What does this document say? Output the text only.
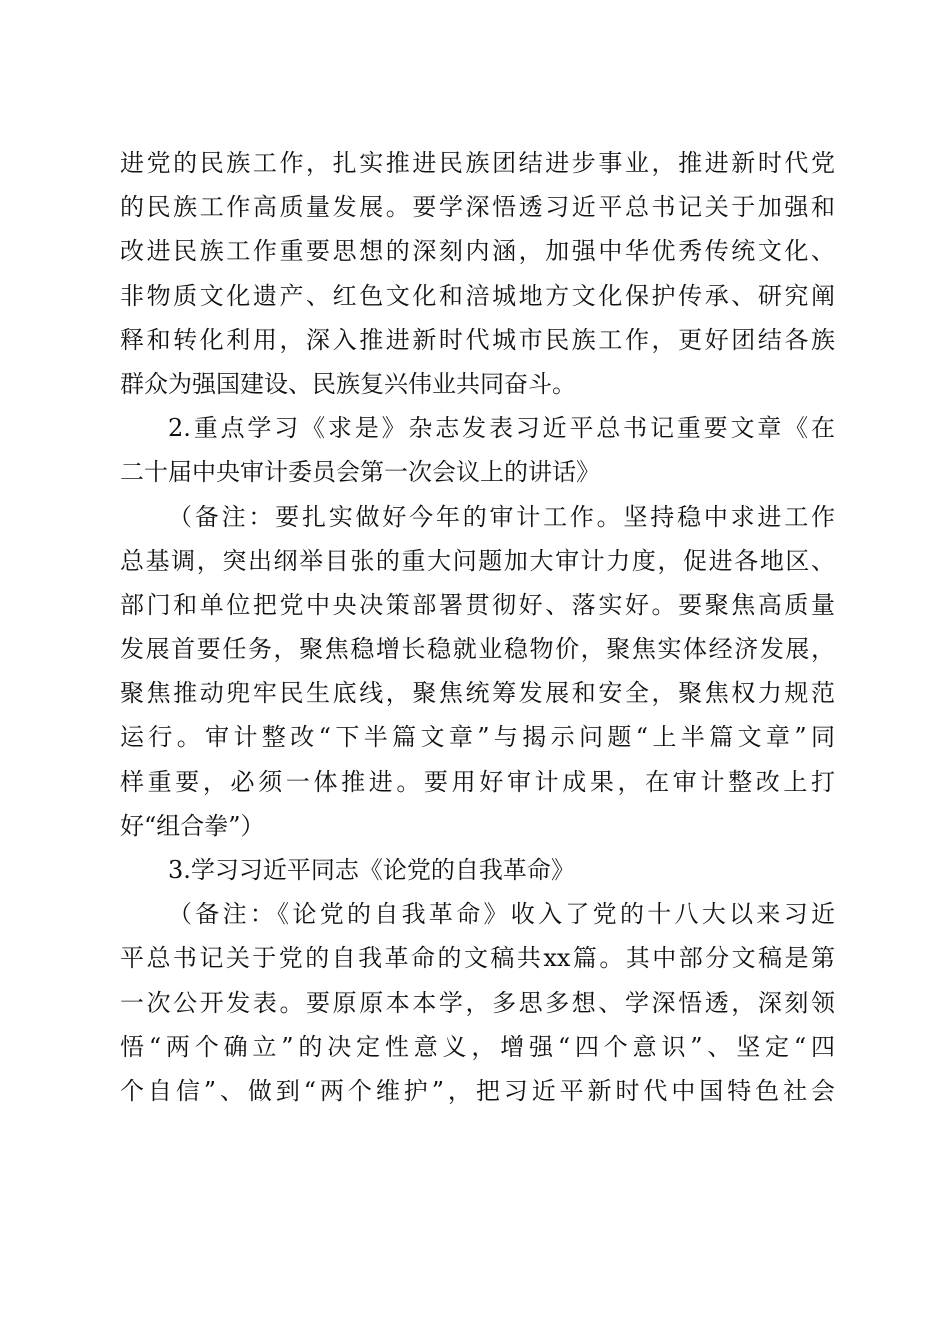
进党的民族工作，扎实推进民族团结进步事业，推进新时代党
的民族工作高质量发展。要学深悟透习近平总书记关于加强和
改进民族工作重要思想的深刻内涵，加强中华优秀传统文化、
非物质文化遗产、红色文化和涪城地方文化保护传承、研究阐
释和转化利用，深入推进新时代城市民族工作，更好团结各族
群众为强国建设、民族复兴伟业共同奋斗。
2.重点学习《求是》杂志发表习近平总书记重要文章《在
二十届中央审计委员会第一次会议上的讲话》
（备注：要扎实做好今年的审计工作。坚持稳中求进工作
总基调，突出纲举目张的重大问题加大审计力度，促进各地区、
部门和单位把党中央决策部署贯彻好、落实好。要聚焦高质量
发展首要任务，聚焦稳增长稳就业稳物价，聚焦实体经济发展，
聚焦推动兜牢民生底线，聚焦统筹发展和安全，聚焦权力规范
运行。审计整改“下半篇文章”与揭示问题“上半篇文章”同
样重要，必须一体推进。要用好审计成果，在审计整改上打
好“组合拳”）
3.学习习近平同志《论党的自我革命》
（备注：《论党的自我革命》收入了党的十八大以来习近
平总书记关于党的自我革命的文稿共xx篇。其中部分文稿是第
一次公开发表。要原原本本学，多思多想、学深悟透，深刻领
悟“两个确立”的决定性意义，增强“四个意识”、坚定“四
个自信”、做到“两个维护”，把习近平新时代中国特色社会
